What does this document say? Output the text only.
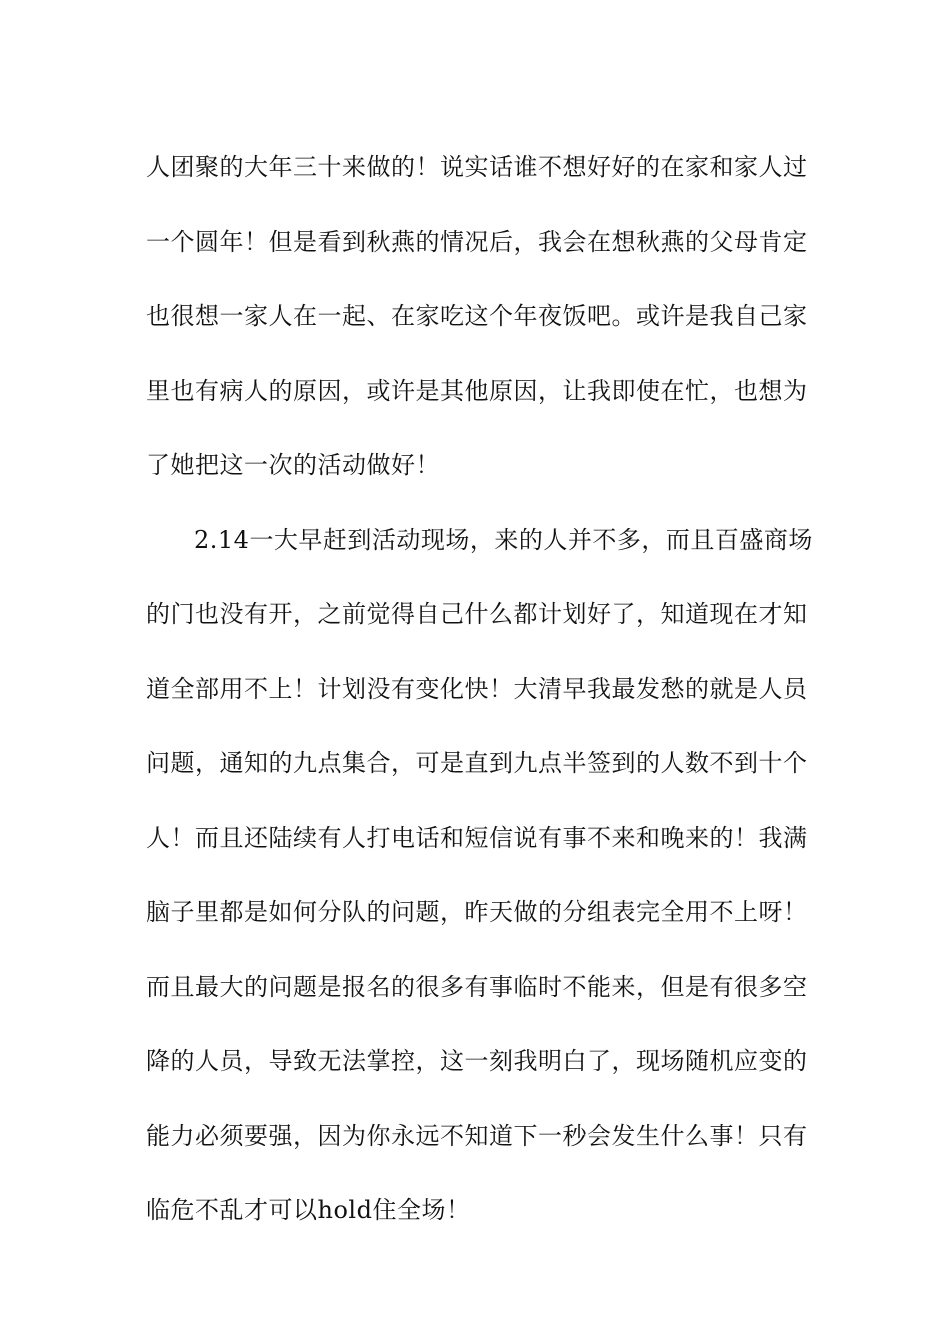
人团聚的大年三十来做的！说实话谁不想好好的在家和家人过
一个圆年！但是看到秋燕的情况后，我会在想秋燕的父母肯定
也很想一家人在一起、在家吃这个年夜饭吧。或许是我自己家
里也有病人的原因，或许是其他原因，让我即使在忙，也想为
了她把这一次的活动做好！
2.14一大早赶到活动现场，来的人并不多，而且百盛商场
的门也没有开，之前觉得自己什么都计划好了，知道现在才知
道全部用不上！计划没有变化快！大清早我最发愁的就是人员
问题，通知的九点集合，可是直到九点半签到的人数不到十个
人！而且还陆续有人打电话和短信说有事不来和晚来的！我满
脑子里都是如何分队的问题，昨天做的分组表完全用不上呀！
而且最大的问题是报名的很多有事临时不能来，但是有很多空
降的人员，导致无法掌控，这一刻我明白了，现场随机应变的
能力必须要强，因为你永远不知道下一秒会发生什么事！只有
临危不乱才可以hold住全场！
